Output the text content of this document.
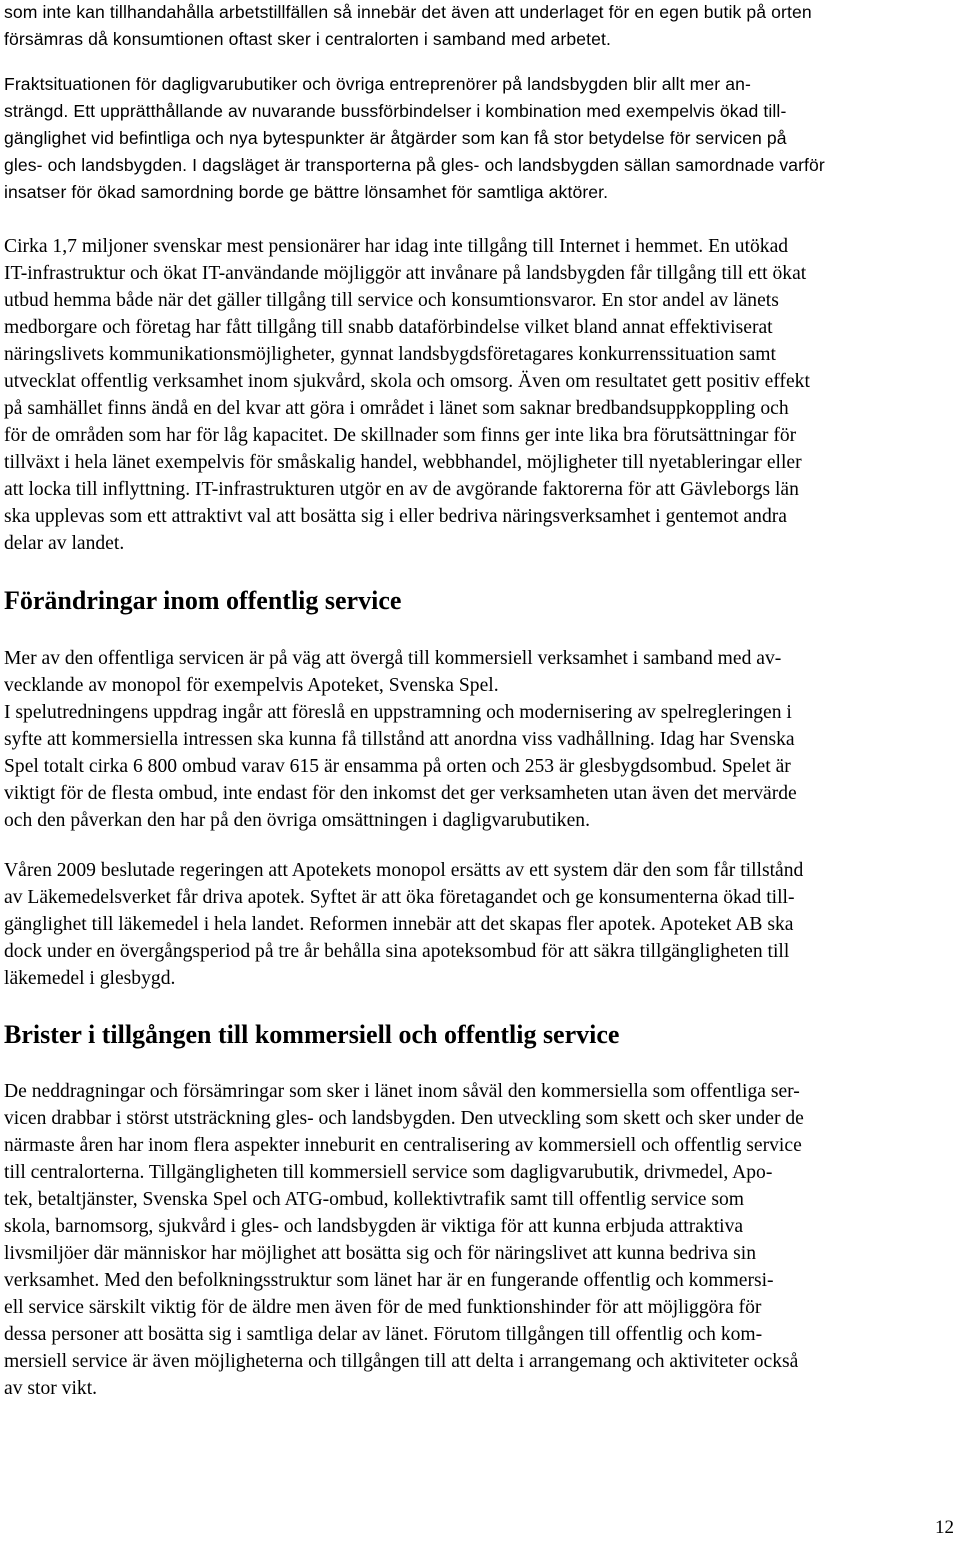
som inte kan tillhandahålla arbetstillfällen så innebär det även att underlaget för en egen butik på orten
försämras då konsumtionen oftast sker i centralorten i samband med arbetet.
Fraktsituationen för dagligvarubutiker och övriga entreprenörer på landsbygden blir allt mer an-
strängd. Ett upprätthållande av nuvarande bussförbindelser i kombination med exempelvis ökad till-
gänglighet vid befintliga och nya bytespunkter är åtgärder som kan få stor betydelse för servicen på
gles- och landsbygden. I dagsläget är transporterna på gles- och landsbygden sällan samordnade varför
insatser för ökad samordning borde ge bättre lönsamhet för samtliga aktörer.
Cirka 1,7 miljoner svenskar mest pensionärer har idag inte tillgång till Internet i hemmet. En utökad
IT-infrastruktur och ökat IT-användande möjliggör att invånare på landsbygden får tillgång till ett ökat
utbud hemma både när det gäller tillgång till service och konsumtionsvaror. En stor andel av länets
medborgare och företag har fått tillgång till snabb dataförbindelse vilket bland annat effektiviserat
näringslivets kommunikationsmöjligheter, gynnat landsbygdsföretagares konkurrenssituation samt
utvecklat offentlig verksamhet inom sjukvård, skola och omsorg. Även om resultatet gett positiv effekt
på samhället finns ändå en del kvar att göra i området i länet som saknar bredbandsuppkoppling och
för de områden som har för låg kapacitet. De skillnader som finns ger inte lika bra förutsättningar för
tillväxt i hela länet exempelvis för småskalig handel, webbhandel, möjligheter till nyetableringar eller
att locka till inflyttning. IT-infrastrukturen utgör en av de avgörande faktorerna för att Gävleborgs län
ska upplevas som ett attraktivt val att bosätta sig i eller bedriva näringsverksamhet i gentemot andra
delar av landet.
Förändringar inom offentlig service
Mer av den offentliga servicen är på väg att övergå till kommersiell verksamhet i samband med av-
vecklande av monopol för exempelvis Apoteket, Svenska Spel.
I spelutredningens uppdrag ingår att föreslå en uppstramning och modernisering av spelregleringen i
syfte att kommersiella intressen ska kunna få tillstånd att anordna viss vadhållning. Idag har Svenska
Spel totalt cirka 6 800 ombud varav 615 är ensamma på orten och 253 är glesbygdsombud. Spelet är
viktigt för de flesta ombud, inte endast för den inkomst det ger verksamheten utan även det mervärde
och den påverkan den har på den övriga omsättningen i dagligvarubutiken.
Våren 2009 beslutade regeringen att Apotekets monopol ersätts av ett system där den som får tillstånd
av Läkemedelsverket får driva apotek. Syftet är att öka företagandet och ge konsumenterna ökad till-
gänglighet till läkemedel i hela landet. Reformen innebär att det skapas fler apotek. Apoteket AB ska
dock under en övergångsperiod på tre år behålla sina apoteksombud för att säkra tillgängligheten till
läkemedel i glesbygd.
Brister i tillgången till kommersiell och offentlig service
De neddragningar och försämringar som sker i länet inom såväl den kommersiella som offentliga ser-
vicen drabbar i störst utsträckning gles- och landsbygden. Den utveckling som skett och sker under de
närmaste åren har inom flera aspekter inneburit en centralisering av kommersiell och offentlig service
till centralorterna. Tillgängligheten till kommersiell service som dagligvarubutik, drivmedel, Apo-
tek, betaltjänster, Svenska Spel och ATG-ombud, kollektivtrafik samt till offentlig service som
skola, barnomsorg, sjukvård i gles- och landsbygden är viktiga för att kunna erbjuda attraktiva
livsmiljöer där människor har möjlighet att bosätta sig och för näringslivet att kunna bedriva sin
verksamhet. Med den befolkningsstruktur som länet har är en fungerande offentlig och kommersi-
ell service särskilt viktig för de äldre men även för de med funktionshinder för att möjliggöra för
dessa personer att bosätta sig i samtliga delar av länet. Förutom tillgången till offentlig och kom-
mersiell service är även möjligheterna och tillgången till att delta i arrangemang och aktiviteter också
av stor vikt.
12
